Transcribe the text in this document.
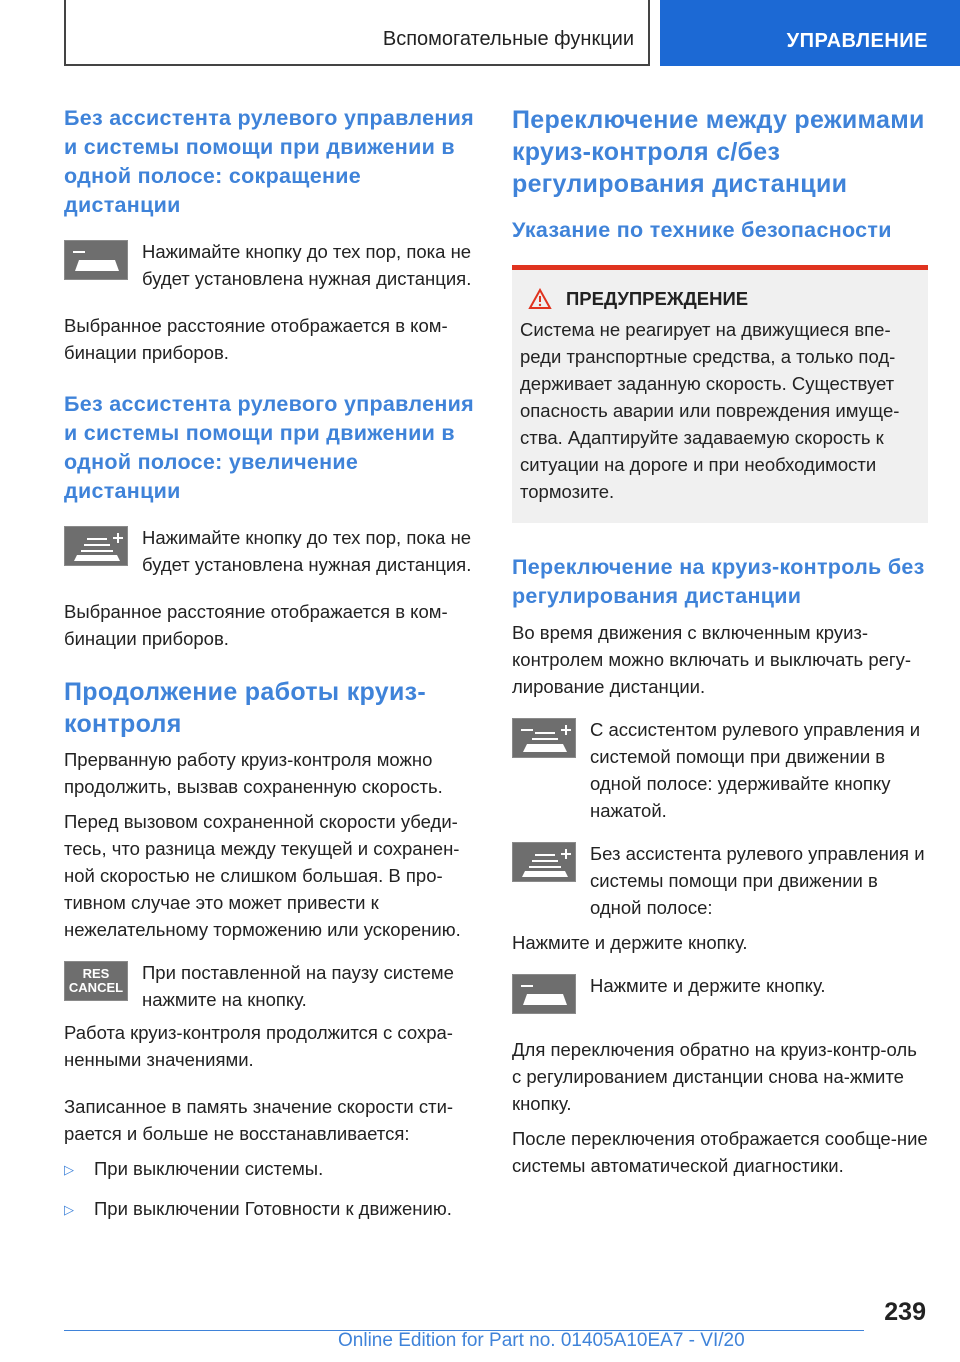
Вспомогательные функции	УПРАВЛЕНИЕ
Без ассистента рулевого управления и системы помощи при движении в одной полосе: сокращение дистанции
Нажимайте кнопку до тех пор, пока не будет установлена нужная дистанция.
Выбранное расстояние отображается в ком-бинации приборов.
Без ассистента рулевого управления и системы помощи при движении в одной полосе: увеличение дистанции
Нажимайте кнопку до тех пор, пока не будет установлена нужная дистанция.
Выбранное расстояние отображается в ком-бинации приборов.
Продолжение работы круиз-контроля
Прерванную работу круиз-контроля можно продолжить, вызвав сохраненную скорость.
Перед вызовом сохраненной скорости убеди-тесь, что разница между текущей и сохранен-ной скоростью не слишком большая. В про-тивном случае это может привести к нежелательному торможению или ускорению.
RES
CANCEL
При поставленной на паузу системе нажмите на кнопку.
Работа круиз-контроля продолжится с сохра-ненными значениями.
Записанное в память значение скорости сти-рается и больше не восстанавливается:
▷	При выключении системы.
▷	При выключении Готовности к движению.
Переключение между режимами круиз-контроля с/без регулирования дистанции
Указание по технике безопасности
ПРЕДУПРЕЖДЕНИЕ
Система не реагирует на движущиеся впе-реди транспортные средства, а только под-держивает заданную скорость. Существует опасность аварии или повреждения имуще-ства. Адаптируйте задаваемую скорость к ситуации на дороге и при необходимости тормозите.
Переключение на круиз-контроль без регулирования дистанции
Во время движения с включенным круиз-контролем можно включать и выключать регу-лирование дистанции.
С ассистентом рулевого управления и системой помощи при движении в одной полосе: удерживайте кнопку нажатой.
Без ассистента рулевого управления и системы помощи при движении в одной полосе:
Нажмите и держите кнопку.
Нажмите и держите кнопку.
Для переключения обратно на круиз-контр-оль с регулированием дистанции снова на-жмите кнопку.
После переключения отображается сообще-ние системы автоматической диагностики.
239
Online Edition for Part no. 01405A10EA7 - VI/20
